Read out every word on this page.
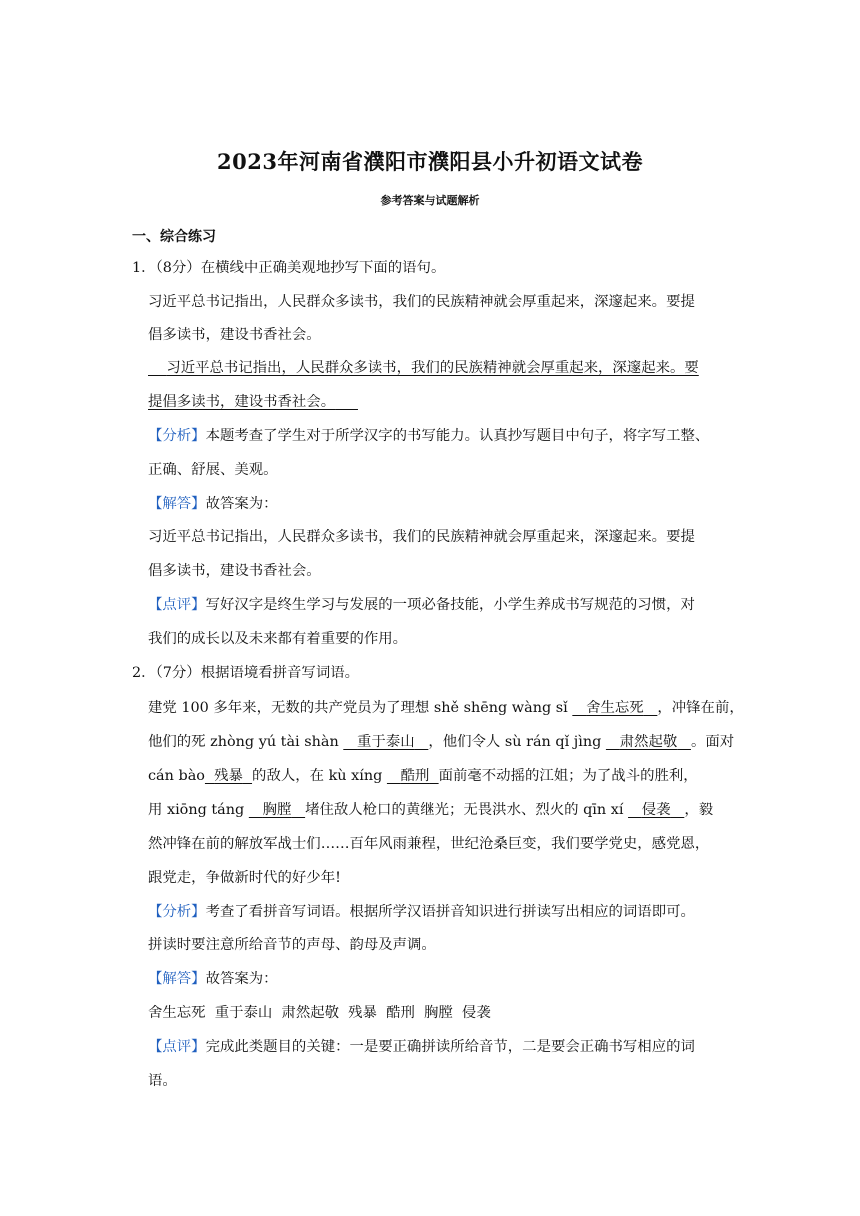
2023年河南省濮阳市濮阳县小升初语文试卷
参考答案与试题解析
一、综合练习
1．（8分）在横线中正确美观地抄写下面的语句。
习近平总书记指出，人民群众多读书，我们的民族精神就会厚重起来，深邃起来。要提
倡多读书，建设书香社会。
习近平总书记指出，人民群众多读书，我们的民族精神就会厚重起来，深邃起来。要
提倡多读书，建设书香社会。
【分析】本题考查了学生对于所学汉字的书写能力。认真抄写题目中句子，将字写工整、
正确、舒展、美观。
【解答】故答案为：
习近平总书记指出，人民群众多读书，我们的民族精神就会厚重起来，深邃起来。要提
倡多读书，建设书香社会。
【点评】写好汉字是终生学习与发展的一项必备技能，小学生养成书写规范的习惯，对
我们的成长以及未来都有着重要的作用。
2．（7分）根据语境看拼音写词语。
建党 100 多年来，无数的共产党员为了理想 shě shēng wàng sǐ    舍生忘死 ，冲锋在前，
他们的死 zhòng yú tài shàn    重于泰山 ，他们令人 sù rán qǐ jìng    肃然起敬 。面对
cán bào 残暴 的敌人，在 kù xíng    酷刑 面前毫不动摇的江姐；为了战斗的胜利，
用 xiōng táng    胸膛 堵住敌人枪口的黄继光；无畏洪水、烈火的 qīn xí    侵袭 ，毅
然冲锋在前的解放军战士们……百年风雨兼程，世纪沧桑巨变，我们要学党史，感党恩，
跟党走，争做新时代的好少年!
【分析】考查了看拼音写词语。根据所学汉语拼音知识进行拼读写出相应的词语即可。
拼读时要注意所给音节的声母、韵母及声调。
【解答】故答案为：
舍生忘死  重于泰山  肃然起敬  残暴  酷刑  胸膛  侵袭
【点评】完成此类题目的关键：一是要正确拼读所给音节，二是要会正确书写相应的词
语。
